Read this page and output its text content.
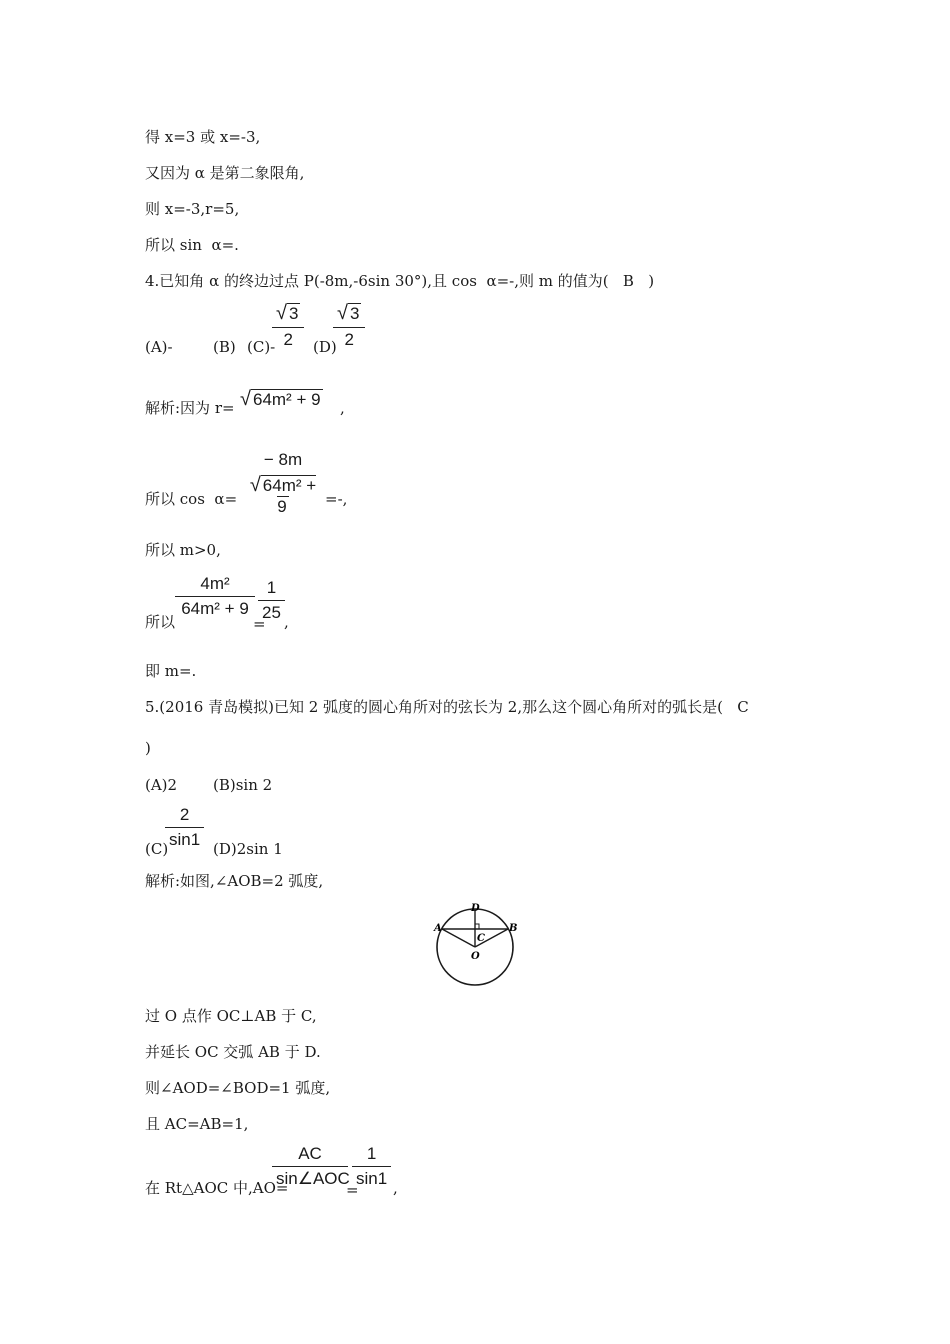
得 x=3 或 x=-3,
又因为 α 是第二象限角,
则 x=-3,r=5,
所以 sin  α=.
4.已知角 α 的终边过点 P(-8m,-6sin 30°),且 cos  α=-,则 m 的值为(   B   )
(A)-	(B) (C)-
$\frac{√ 3}{2} (D)$
$\frac{√ 3}{2}$
解析:因为 r= √ 64m² + 9 ,
所以 cos  α=
− 8m
√ 64m² + 9	=-,
所以 m>0,
所以
$\frac{\text{4m²}}{\text{64m² + 9}}$
=
$\frac{1}{25}$ ,
即 m=.
5.(2016 青岛模拟)已知 2 弧度的圆心角所对的弦长为 2,那么这个圆心角所对的弧长是(   C
)
(A)2 (B)sin 2
(C)
$\frac{2}{\sin 1} (D)2\sin$ 1
解析:如图,∠AOB=2 弧度,
A	B
D
C
O
过 O 点作 OC⊥AB 于 C,
并延长 OC 交弧 AB 于 D.
则∠AOD=∠BOD=1 弧度,
且 AC=AB=1,
在 Rt△AOC 中,AO=
AC
sin∠AOC
=
$\frac{1}{\sin 1}$ ,
